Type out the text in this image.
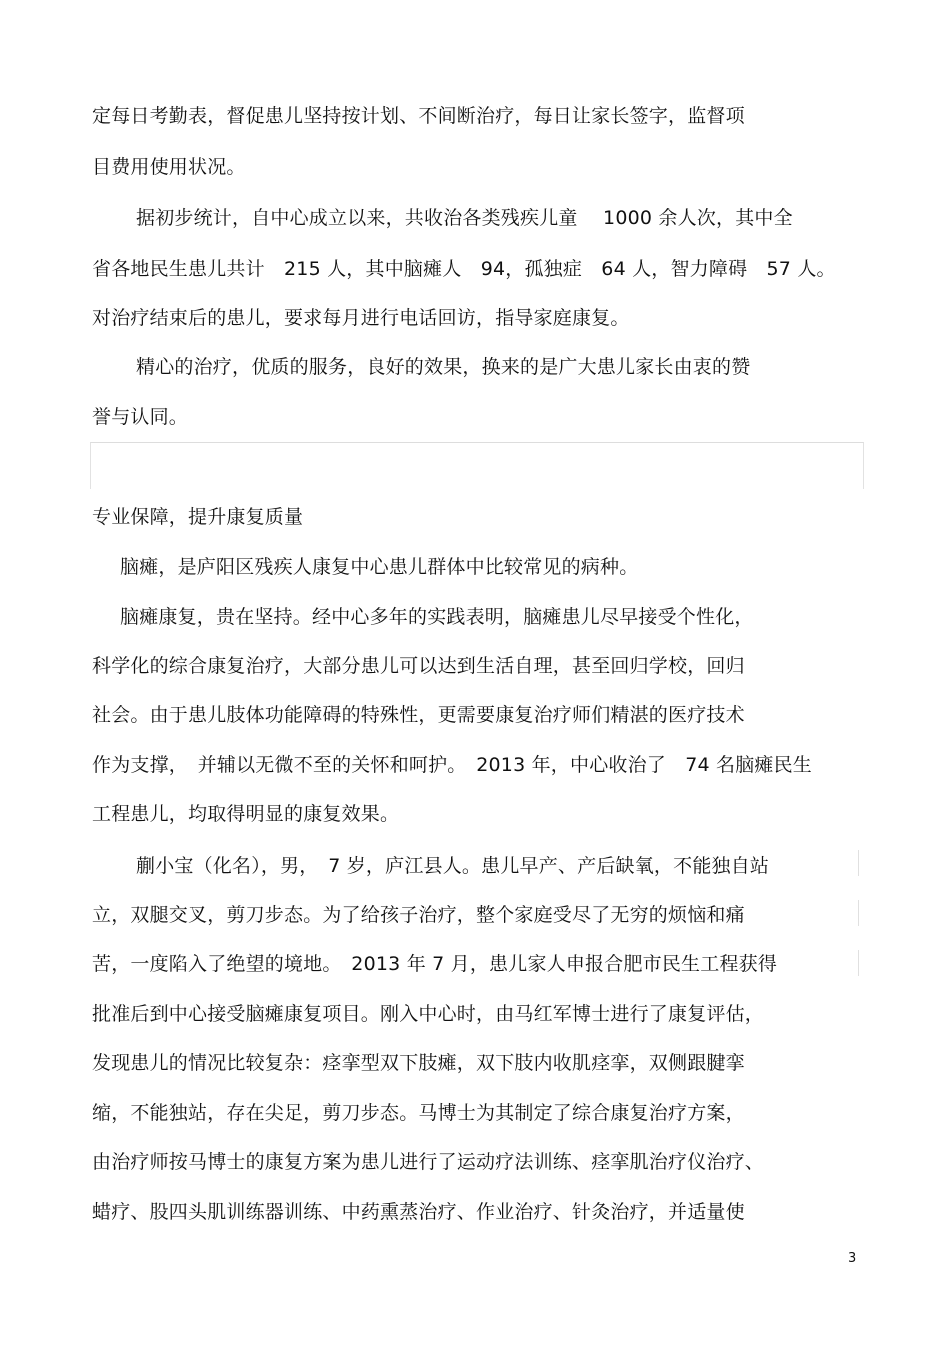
定每日考勤表，督促患儿坚持按计划、不间断治疗，每日让家长签字，监督项
目费用使用状况。
据初步统计，自中心成立以来，共收治各类残疾儿童　 1000 余人次，其中全
省各地民生患儿共计　215 人，其中脑瘫人　94，孤独症　64 人，智力障碍　57 人。
对治疗结束后的患儿，要求每月进行电话回访，指导家庭康复。
精心的治疗，优质的服务，良好的效果，换来的是广大患儿家长由衷的赞
誉与认同。
专业保障，提升康复质量
脑瘫，是庐阳区残疾人康复中心患儿群体中比较常见的病种。
脑瘫康复，贵在坚持。经中心多年的实践表明，脑瘫患儿尽早接受个性化，
科学化的综合康复治疗，大部分患儿可以达到生活自理，甚至回归学校，回归
社会。由于患儿肢体功能障碍的特殊性，更需要康复治疗师们精湛的医疗技术
作为支撑，　并辅以无微不至的关怀和呵护。　2013 年，中心收治了　74 名脑瘫民生
工程患儿，均取得明显的康复效果。
蒯小宝（化名），男，　7 岁，庐江县人。患儿早产、产后缺氧，不能独自站
立，双腿交叉，剪刀步态。为了给孩子治疗，整个家庭受尽了无穷的烦恼和痛
苦，一度陷入了绝望的境地。　2013 年 7 月，患儿家人申报合肥市民生工程获得
批准后到中心接受脑瘫康复项目。刚入中心时，由马红军博士进行了康复评估，
发现患儿的情况比较复杂：痉挛型双下肢瘫，双下肢内收肌痉挛，双侧跟腱挛
缩，不能独站，存在尖足，剪刀步态。马博士为其制定了综合康复治疗方案，
由治疗师按马博士的康复方案为患儿进行了运动疗法训练、痉挛肌治疗仪治疗、
蜡疗、股四头肌训练器训练、中药熏蒸治疗、作业治疗、针灸治疗，并适量使
3
